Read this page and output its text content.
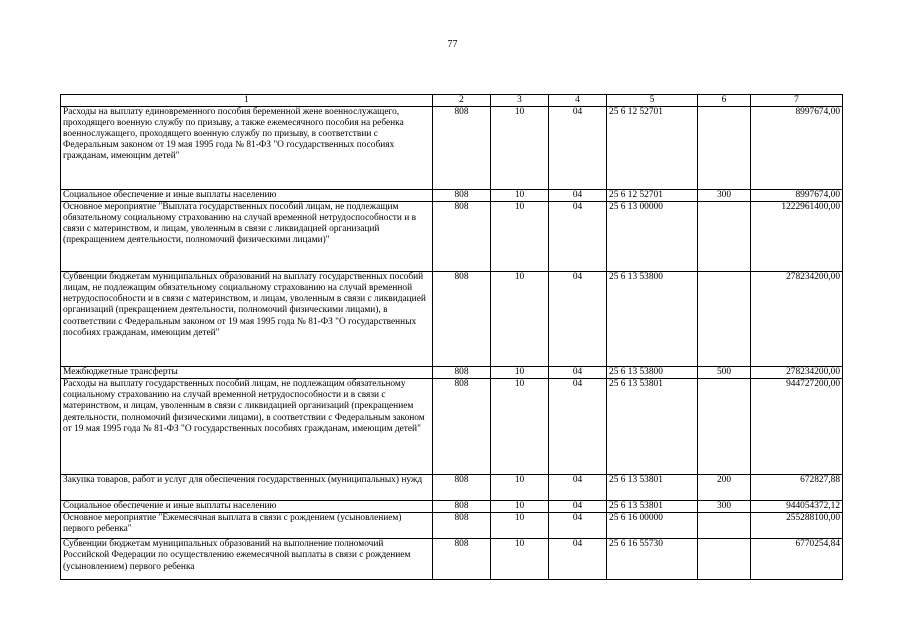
77
1	2	3	4	5	6	7
Расходы на выплату единовременного пособия беременной жене военнослужащего, проходящего военную службу по призыву, а также ежемесячного пособия на ребенка военнослужащего, проходящего военную службу по призыву, в соответствии с Федеральным законом от 19 мая 1995 года № 81-ФЗ "О государственных пособиях гражданам, имеющим детей"	808	10	04	25 6 12 52701		8997674,00
Социальное обеспечение и иные выплаты населению	808	10	04	25 6 12 52701	300	8997674,00
Основное мероприятие "Выплата государственных пособий лицам, не подлежащим обязательному социальному страхованию на случай временной нетрудоспособности и в связи с материнством, и лицам, уволенным в связи с ликвидацией организаций (прекращением деятельности, полномочий физическими лицами)"	808	10	04	25 6 13 00000		1222961400,00
Субвенции бюджетам муниципальных образований на выплату государственных пособий лицам, не подлежащим обязательному социальному страхованию на случай временной нетрудоспособности и в связи с материнством, и лицам, уволенным в связи с ликвидацией организаций (прекращением деятельности, полномочий физическими лицами), в соответствии с Федеральным законом от 19 мая 1995 года № 81-ФЗ "О государственных пособиях гражданам, имеющим детей"	808	10	04	25 6 13 53800		278234200,00
Межбюджетные трансферты	808	10	04	25 6 13 53800	500	278234200,00
Расходы на выплату государственных пособий лицам, не подлежащим обязательному социальному страхованию на случай временной нетрудоспособности и в связи с материнством, и лицам, уволенным в связи с ликвидацией организаций (прекращением деятельности, полномочий физическими лицами), в соответствии с Федеральным законом от 19 мая 1995 года № 81-ФЗ "О государственных пособиях гражданам, имеющим детей"	808	10	04	25 6 13 53801		944727200,00
Закупка товаров, работ и услуг для обеспечения государственных (муниципальных) нужд	808	10	04	25 6 13 53801	200	672827,88
Социальное обеспечение и иные выплаты населению	808	10	04	25 6 13 53801	300	944054372,12
Основное мероприятие "Ежемесячная выплата в связи с рождением (усыновлением) первого ребенка"	808	10	04	25 6 16 00000		255288100,00
Субвенции бюджетам муниципальных образований на выполнение полномочий Российской Федерации по осуществлению ежемесячной выплаты в связи с рождением (усыновлением) первого ребенка	808	10	04	25 6 16 55730		6770254,84
